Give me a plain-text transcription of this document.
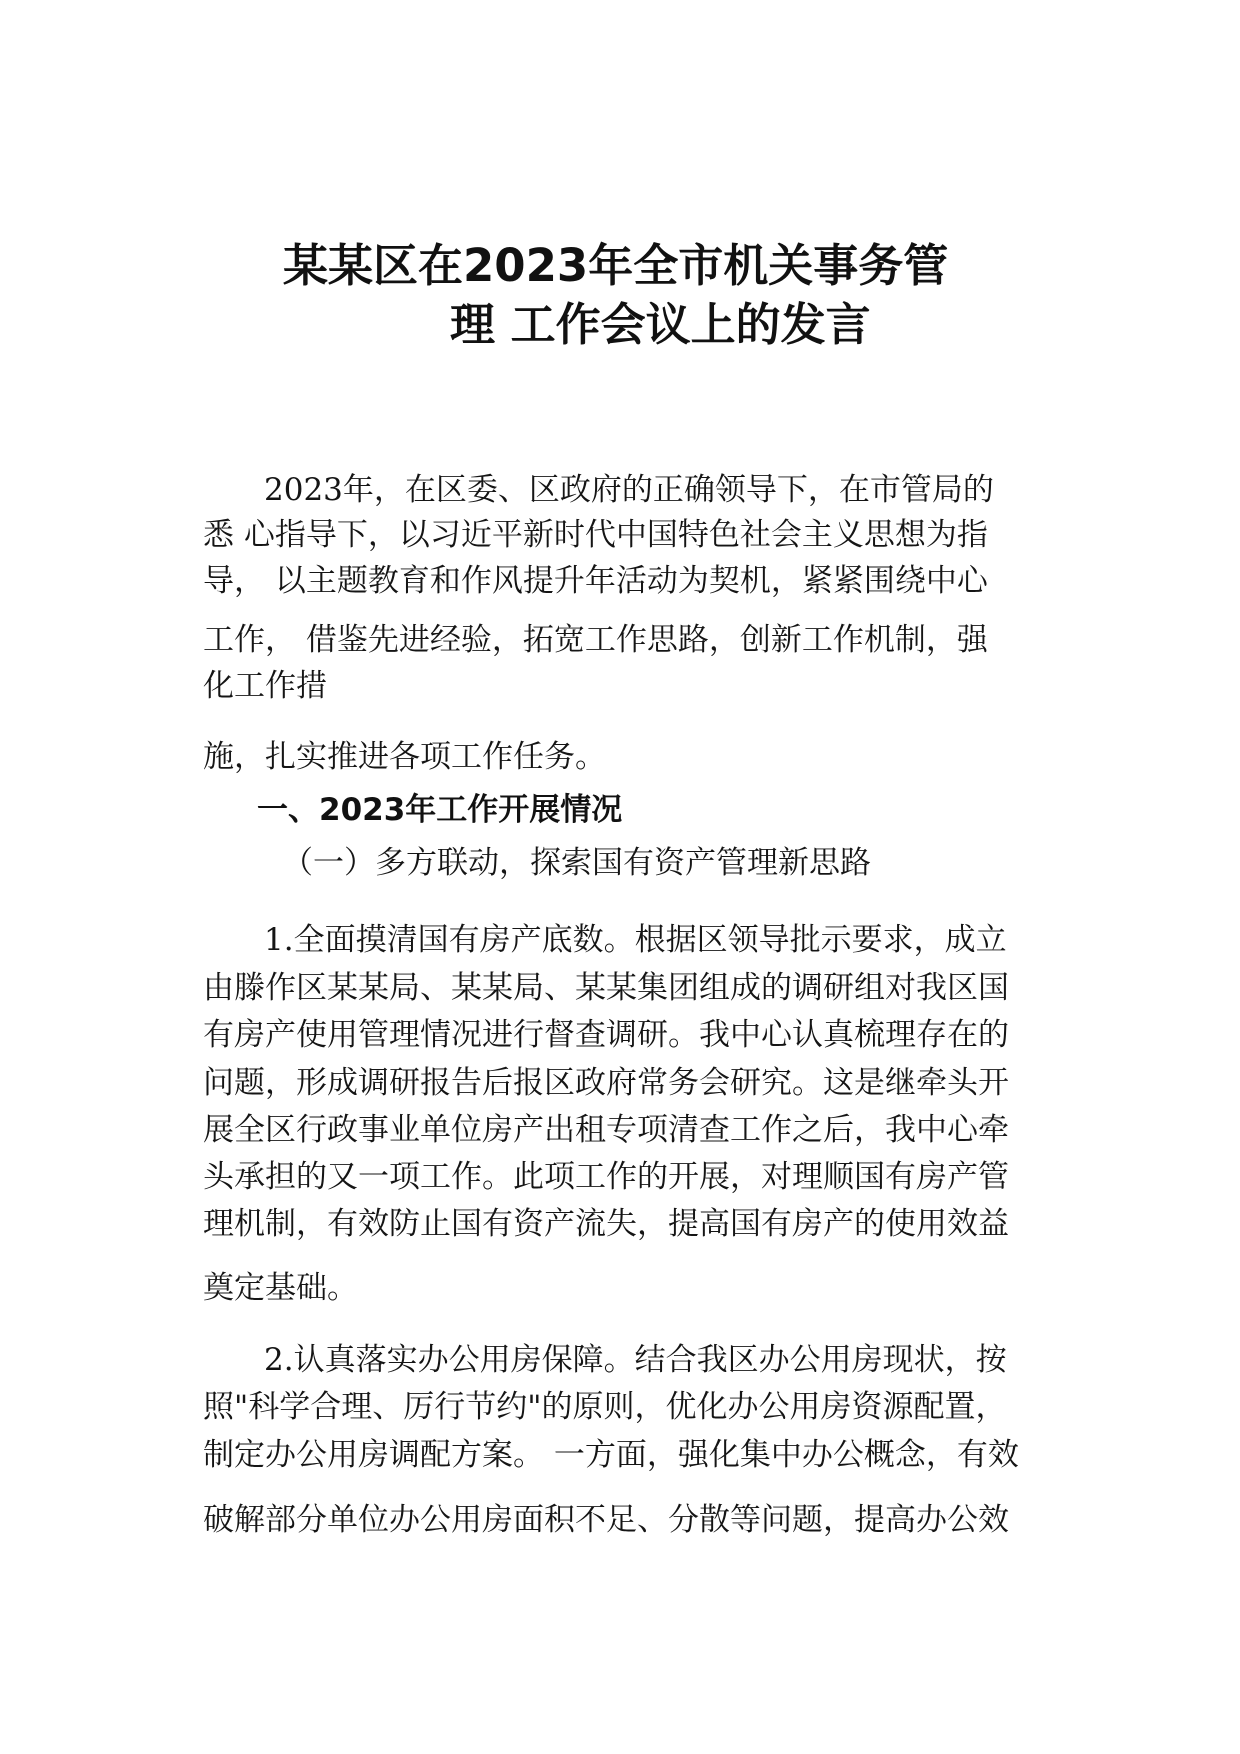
某某区在2023年全市机关事务管
理 工作会议上的发言

2023年，在区委、区政府的正确领导下，在市管局的

悉 心指导下，以习近平新时代中国特色社会主义思想为指

导， 以主题教育和作风提升年活动为契机，紧紧围绕中心

工作， 借鉴先进经验，拓宽工作思路，创新工作机制，强

化工作措

施，扎实推进各项工作任务。

一、2023年工作开展情况

（一）多方联动，探索国有资产管理新思路

1.全面摸清国有房产底数。根据区领导批示要求，成立

由滕作区某某局、某某局、某某集团组成的调研组对我区国

有房产使用管理情况进行督查调研。我中心认真梳理存在的

问题，形成调研报告后报区政府常务会研究。这是继牵头开

展全区行政事业单位房产出租专项清查工作之后，我中心牵

头承担的又一项工作。此项工作的开展，对理顺国有房产管

理机制，有效防止国有资产流失，提高国有房产的使用效益

奠定基础。

2.认真落实办公用房保障。结合我区办公用房现状，按

照"科学合理、厉行节约"的原则，优化办公用房资源配置，

制定办公用房调配方案。 一方面，强化集中办公概念，有效

破解部分单位办公用房面积不足、分散等问题，提高办公效
